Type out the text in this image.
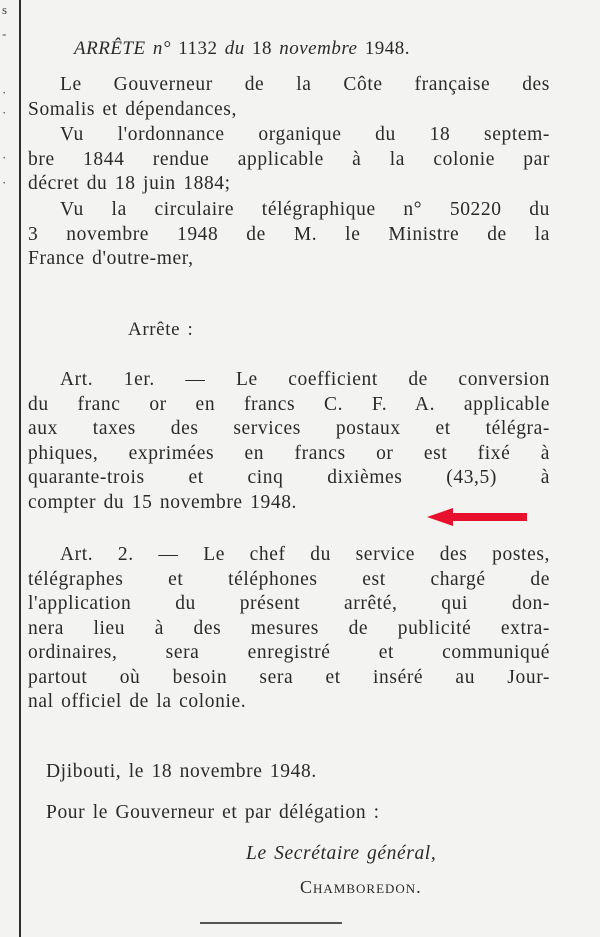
s
-
·
·
·
·
ARRÊTE n° 1132 du 18 novembre 1948.
Le Gouverneur de la Côte française des
Somalis et dépendances,
Vu l'ordonnance organique du 18 septem-
bre 1844 rendue applicable à la colonie par
décret du 18 juin 1884;
Vu la circulaire télégraphique n° 50220 du
3 novembre 1948 de M. le Ministre de la
France d'outre-mer,
Arrête :
Art. 1er. — Le coefficient de conversion
du franc or en francs C. F. A. applicable
aux taxes des services postaux et télégra-
phiques, exprimées en francs or est fixé à
quarante-trois et cinq dixièmes (43,5) à
compter du 15 novembre 1948.
Art. 2. — Le chef du service des postes,
télégraphes et téléphones est chargé de
l'application du présent arrêté, qui don-
nera lieu à des mesures de publicité extra-
ordinaires, sera enregistré et communiqué
partout où besoin sera et inséré au Jour-
nal officiel de la colonie.
Djibouti, le 18 novembre 1948.
Pour le Gouverneur et par délégation :
Le Secrétaire général,
Chamboredon.
